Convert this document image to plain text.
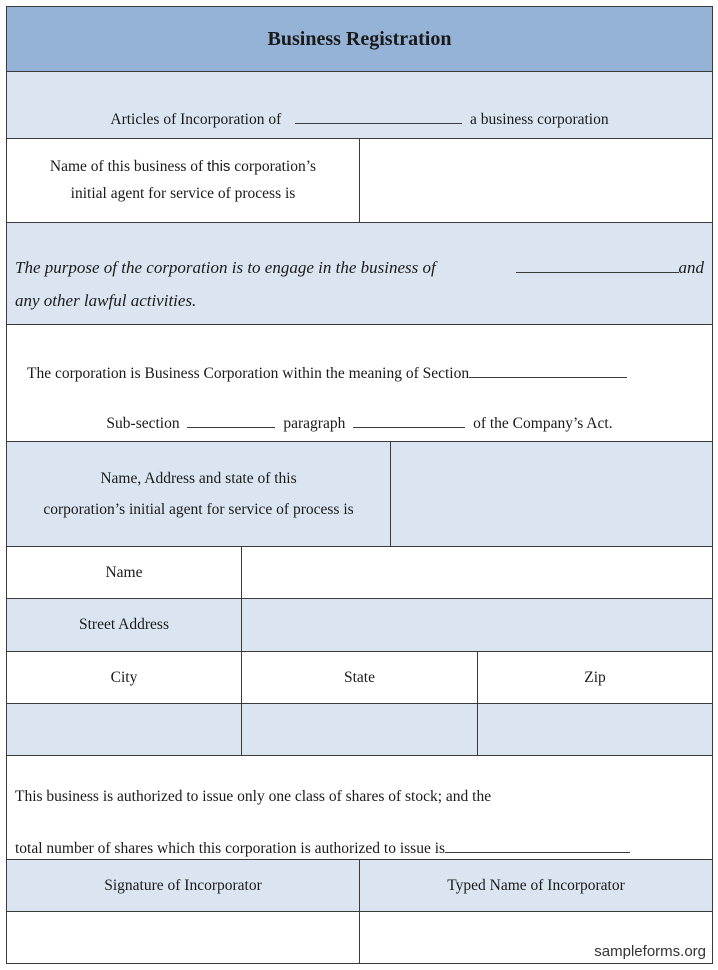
Business Registration
Articles of Incorporation of	a business corporation
Name of this business of this corporation’s
initial agent for service of process is
The purpose of the corporation is to engage in the business of	and
any other lawful activities.
The corporation is Business Corporation within the meaning of Section
Sub-section	paragraph	of the Company’s Act.
Name, Address and state of this
corporation’s initial agent for service of process is
Name
Street Address
City	State	Zip
This business is authorized to issue only one class of shares of stock; and the
total number of shares which this corporation is authorized to issue is
Signature of Incorporator	Typed Name of Incorporator
sampleforms.org
